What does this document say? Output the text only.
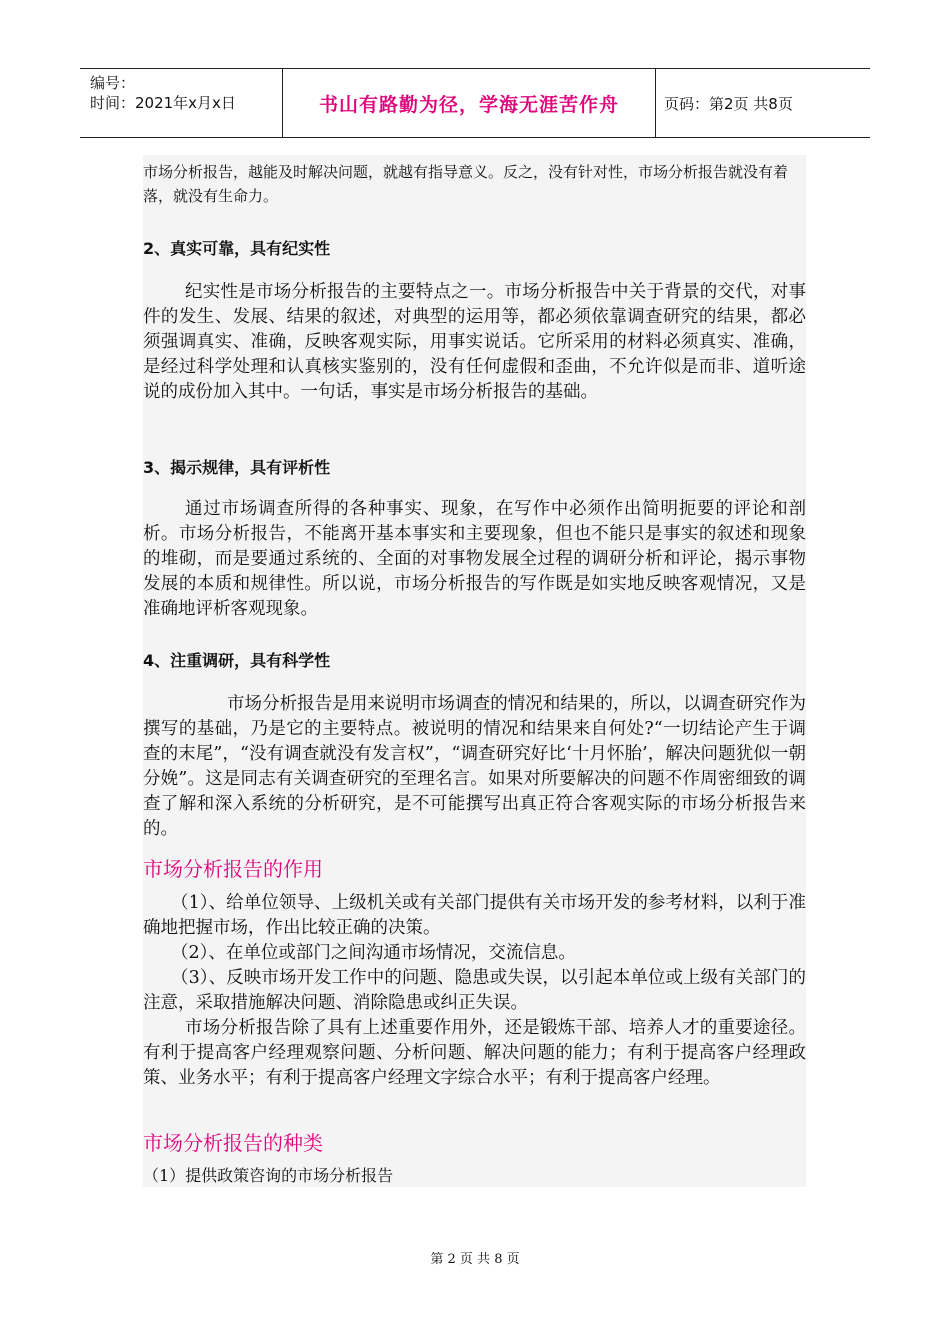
编号：
时间：2021年x月x日	书山有路勤为径，学海无涯苦作舟	页码：第2页 共8页

市场分析报告，越能及时解决问题，就越有指导意义。反之，没有针对性，市场分析报告就没有着落，就没有生命力。

2、真实可靠，具有纪实性

纪实性是市场分析报告的主要特点之一。市场分析报告中关于背景的交代，对事件的发生、发展、结果的叙述，对典型的运用等，都必须依靠调查研究的结果，都必须强调真实、准确，反映客观实际，用事实说话。它所采用的材料必须真实、准确，是经过科学处理和认真核实鉴别的，没有任何虚假和歪曲，不允许似是而非、道听途说的成份加入其中。一句话，事实是市场分析报告的基础。

3、揭示规律，具有评析性

通过市场调查所得的各种事实、现象，在写作中必须作出简明扼要的评论和剖析。市场分析报告，不能离开基本事实和主要现象，但也不能只是事实的叙述和现象的堆砌，而是要通过系统的、全面的对事物发展全过程的调研分析和评论，揭示事物发展的本质和规律性。所以说，市场分析报告的写作既是如实地反映客观情况，又是准确地评析客观现象。

4、注重调研，具有科学性

市场分析报告是用来说明市场调查的情况和结果的，所以，以调查研究作为撰写的基础，乃是它的主要特点。被说明的情况和结果来自何处?“一切结论产生于调查的末尾”，“没有调查就没有发言权”，“调查研究好比‘十月怀胎’，解决问题犹似一朝分娩”。这是同志有关调查研究的至理名言。如果对所要解决的问题不作周密细致的调查了解和深入系统的分析研究，是不可能撰写出真正符合客观实际的市场分析报告来的。

市场分析报告的作用

（1）、给单位领导、上级机关或有关部门提供有关市场开发的参考材料，以利于准确地把握市场，作出比较正确的决策。

（2）、在单位或部门之间沟通市场情况，交流信息。

（3）、反映市场开发工作中的问题、隐患或失误，以引起本单位或上级有关部门的注意，采取措施解决问题、消除隐患或纠正失误。

市场分析报告除了具有上述重要作用外，还是锻炼干部、培养人才的重要途径。有利于提高客户经理观察问题、分析问题、解决问题的能力；有利于提高客户经理政策、业务水平；有利于提高客户经理文字综合水平；有利于提高客户经理。

市场分析报告的种类

（1）提供政策咨询的市场分析报告

第 2 页 共 8 页
